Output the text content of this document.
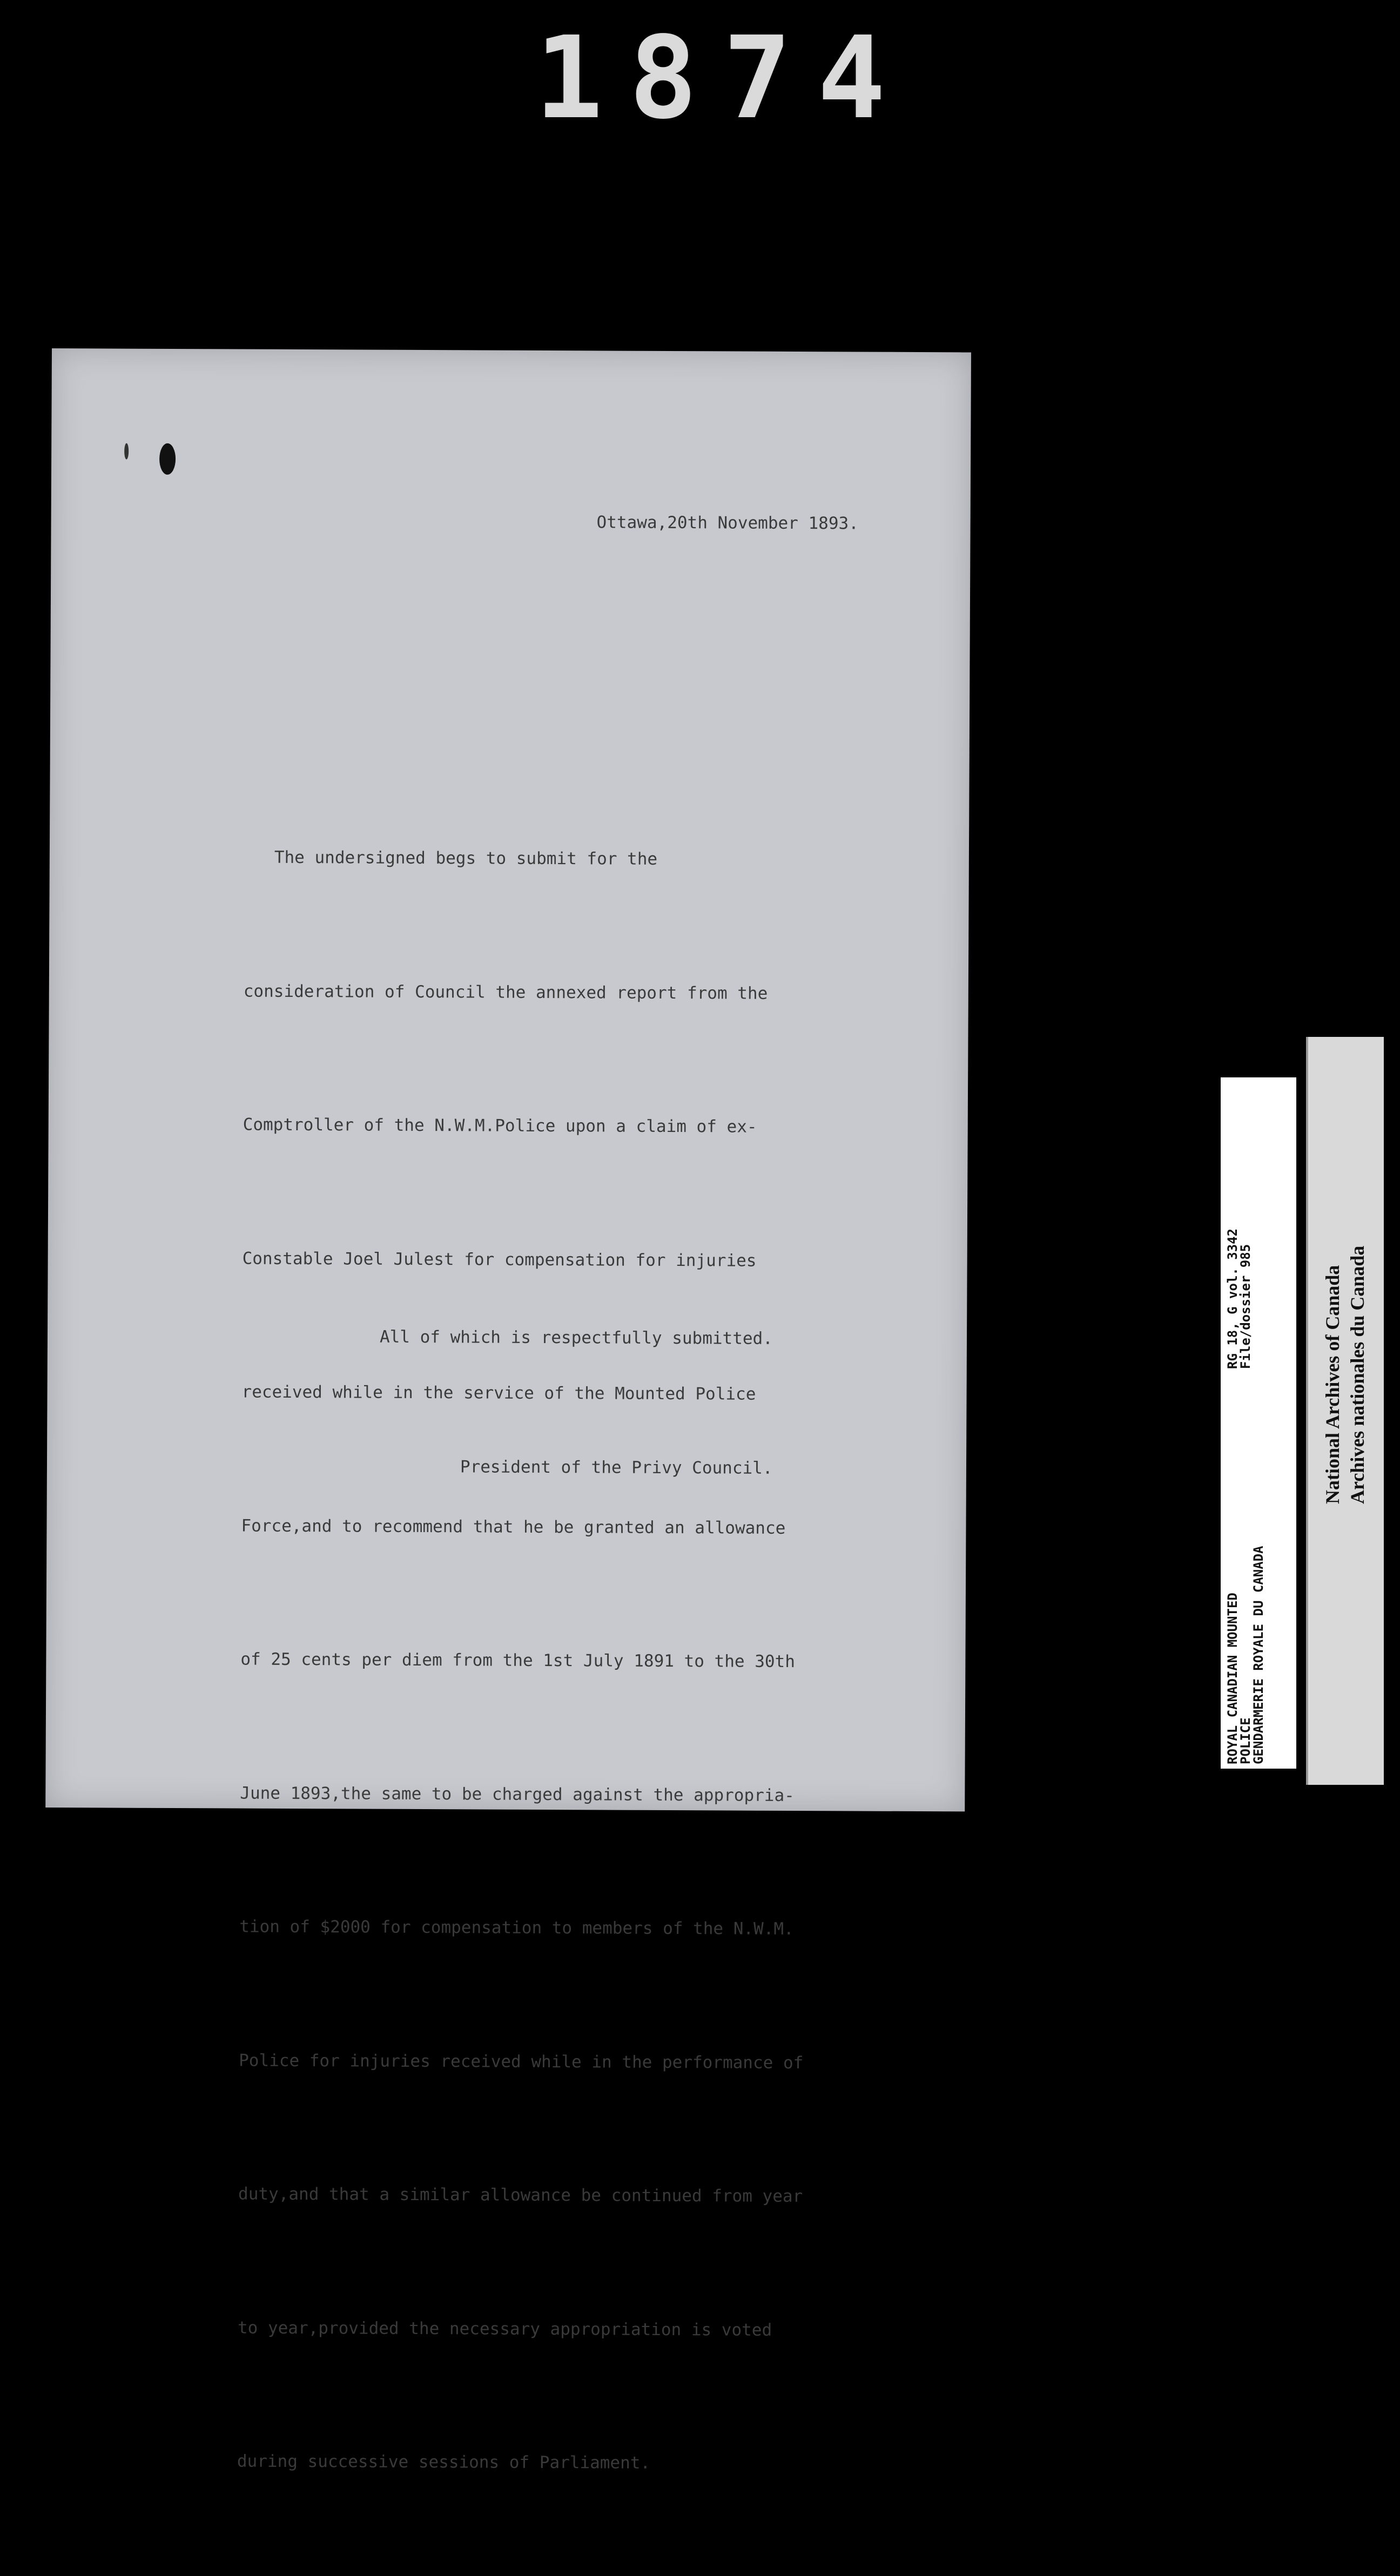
1874

Ottawa,20th November 1893.

The undersigned begs to submit for the

consideration of Council the annexed report from the

Comptroller of the N.W.M.Police upon a claim of ex-

Constable Joel Julest for compensation for injuries

received while in the service of the Mounted Police

Force,and to recommend that he be granted an allowance

of 25 cents per diem from the 1st July 1891 to the 30th

June 1893,the same to be charged against the appropria-

tion of $2000 for compensation to members of the N.W.M.

Police for injuries received while in the performance of

duty,and that a similar allowance be continued from year

to year,provided the necessary appropriation is voted

during successive sessions of Parliament.

All of which is respectfully submitted.

President of the Privy Council.

ROYAL CANADIAN MOUNTED
POLICE
GENDARMERIE ROYALE DU CANADA
RG 18, G vol. 3342
File/dossier 985	National Archives of Canada Archives nationales du Canada
